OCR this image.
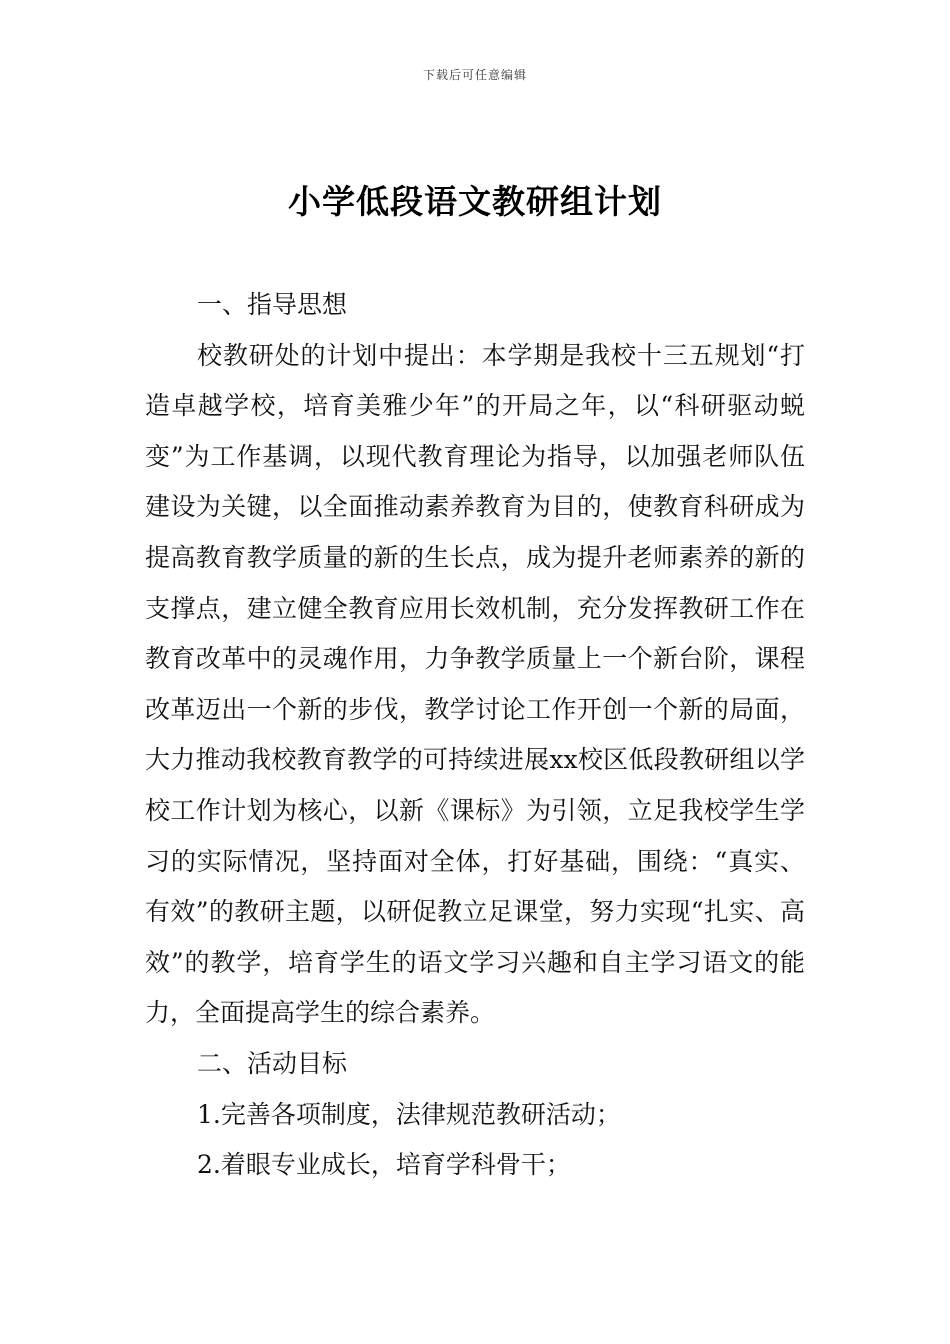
下载后可任意编辑
小学低段语文教研组计划

一、指导思想

校教研处的计划中提出：本学期是我校十三五规划“打造卓越学校，培育美雅少年”的开局之年，以“科研驱动蜕变”为工作基调，以现代教育理论为指导，以加强老师队伍建设为关键，以全面推动素养教育为目的，使教育科研成为提高教育教学质量的新的生长点，成为提升老师素养的新的支撑点，建立健全教育应用长效机制，充分发挥教研工作在教育改革中的灵魂作用，力争教学质量上一个新台阶，课程改革迈出一个新的步伐，教学讨论工作开创一个新的局面，大力推动我校教育教学的可持续进展xx校区低段教研组以学校工作计划为核心，以新《课标》为引领，立足我校学生学习的实际情况，坚持面对全体，打好基础，围绕：“真实、有效”的教研主题，以研促教立足课堂，努力实现“扎实、高效”的教学，培育学生的语文学习兴趣和自主学习语文的能力，全面提高学生的综合素养。

二、活动目标

1.完善各项制度，法律规范教研活动；

2.着眼专业成长，培育学科骨干；
